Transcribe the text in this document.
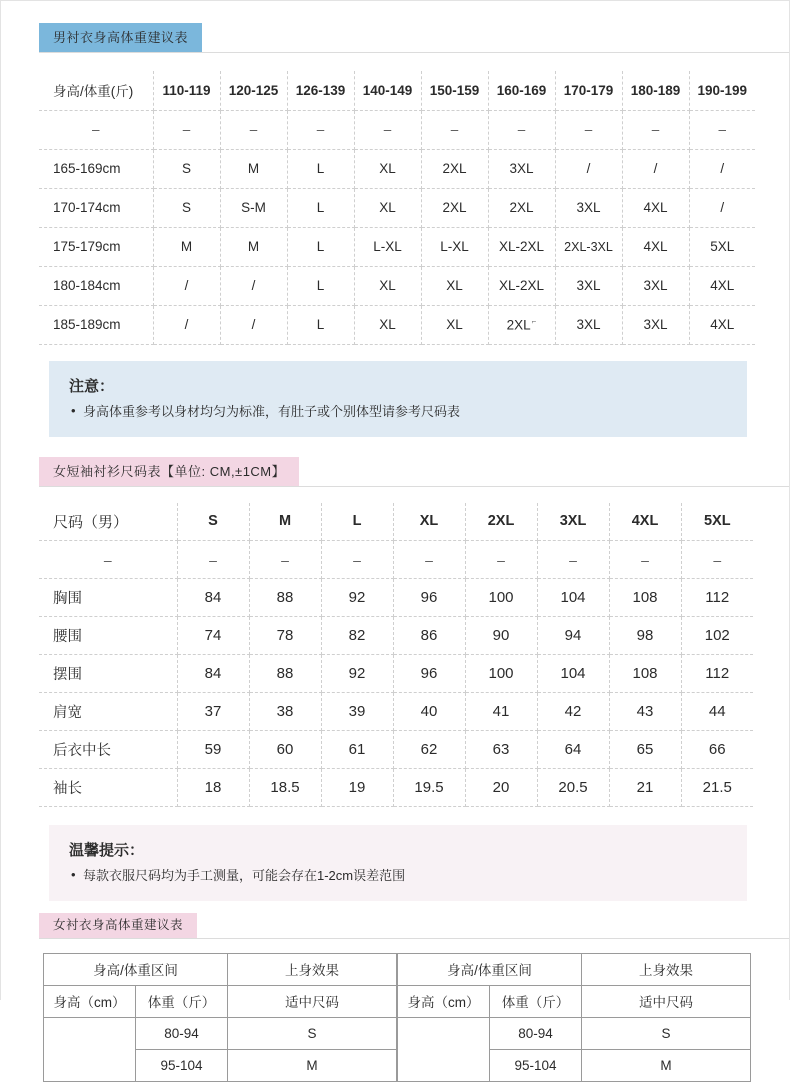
男衬衣身高体重建议表
身高/体重(斤)	110-119	120-125	126-139	140-149	150-159	160-169	170-179	180-189	190-199
–	–	–	–	–	–	–	–	–	–
165-169cm	S	M	L	XL	2XL	3XL	/	/	/
170-174cm	S	S-M	L	XL	2XL	2XL	3XL	4XL	/
175-179cm	M	M	L	L-XL	L-XL	XL-2XL	2XL-3XL	4XL	5XL
180-184cm	/	/	L	XL	XL	XL-2XL	3XL	3XL	4XL
185-189cm	/	/	L	XL	XL	2XL⌐	3XL	3XL	4XL
注意：
• 身高体重参考以身材均匀为标准，有肚子或个别体型请参考尺码表
女短袖衬衫尺码表【单位: CM,±1CM】
尺码（男）	S	M	L	XL	2XL	3XL	4XL	5XL
–	–	–	–	–	–	–	–	–
胸围	84	88	92	96	100	104	108	112
腰围	74	78	82	86	90	94	98	102
摆围	84	88	92	96	100	104	108	112
肩宽	37	38	39	40	41	42	43	44
后衣中长	59	60	61	62	63	64	65	66
袖长	18	18.5	19	19.5	20	20.5	21	21.5
温馨提示：
• 每款衣服尺码均为手工测量，可能会存在1-2cm误差范围
女衬衣身高体重建议表
身高/体重区间		上身效果
身高（cm）	体重（斤）	适中尺码
	80-94	S
	95-104	M
身高/体重区间		上身效果
身高（cm）	体重（斤）	适中尺码
	80-94	S
	95-104	M
